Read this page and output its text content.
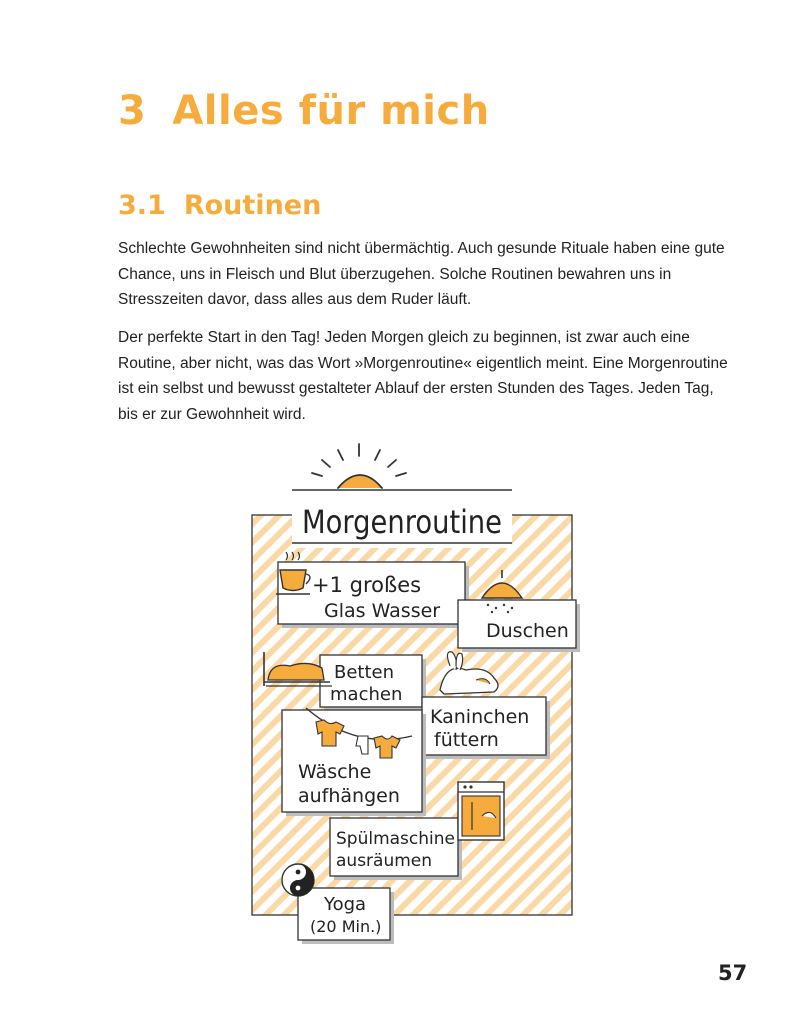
3 Alles für mich
3.1 Routinen

Schlechte Gewohnheiten sind nicht übermächtig. Auch gesunde Rituale haben eine gute Chance, uns in Fleisch und Blut überzugehen. Solche Routinen bewahren uns in Stresszeiten davor, dass alles aus dem Ruder läuft.

Der perfekte Start in den Tag! Jeden Morgen gleich zu beginnen, ist zwar auch eine Routine, aber nicht, was das Wort »Morgenroutine« eigentlich meint. Eine Morgenroutine ist ein selbst und bewusst gestalteter Ablauf der ersten Stunden des Tages. Jeden Tag, bis er zur Gewohnheit wird.

Morgenroutine
+1 großes
Glas Wasser
Duschen
Betten
machen
Kaninchen
füttern
Wäsche
aufhängen
Spülmaschine
ausräumen
Yoga
(20 Min.)

57
